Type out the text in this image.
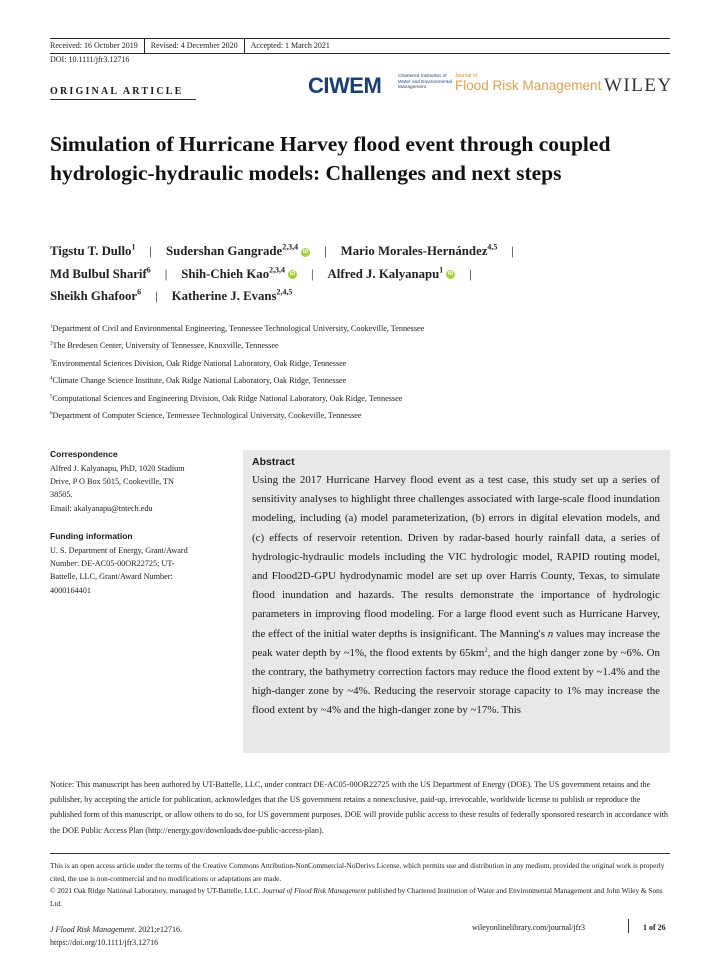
Received: 16 October 2019 Revised: 4 December 2020 Accepted: 1 March 2021
DOI: 10.1111/jfr3.12716
ORIGINAL ARTICLE	CIWEM	Chartered Institution of
Water and Environmental
Management
Journal of
Flood Risk Management WILEY
Simulation of Hurricane Harvey flood event through coupled hydrologic-hydraulic models: Challenges and next steps
Tigstu T. Dullo$^1$ | Sudershan Gangrade$^{2,3,4}$ iD | Mario Morales-Hernández$^{4,5}$ |
Md Bulbul Sharif$^6$ | Shih-Chieh Kao$^{2,3,4}$ iD | Alfred J. Kalyanapu$^1$ iD |
Sheikh Ghafoor$^6$ | Katherine J. Evans$^{2,4,5}$
$^1$Department of Civil and Environmental Engineering, Tennessee Technological University, Cookeville, Tennessee
$^2$The Bredesen Center, University of Tennessee, Knoxville, Tennessee
$^3$Environmental Sciences Division, Oak Ridge National Laboratory, Oak Ridge, Tennessee
$^4$Climate Change Science Institute, Oak Ridge National Laboratory, Oak Ridge, Tennessee
$^5$Computational Sciences and Engineering Division, Oak Ridge National Laboratory, Oak Ridge, Tennessee
$^6$Department of Computer Science, Tennessee Technological University, Cookeville, Tennessee
Correspondence
Alfred J. Kalyanapu, PhD, 1020 Stadium
Drive, P O Box 5015, Cookeville, TN
38505.
Email: akalyanapu@tntech.edu
Funding information
U. S. Department of Energy, Grant/Award
Number: DE-AC05-00OR22725; UT-
Battelle, LLC, Grant/Award Number:
4000164401
Abstract
Using the 2017 Hurricane Harvey flood event as a test case, this study set up a series of sensitivity analyses to highlight three challenges associated with large-scale flood inundation modeling, including (a) model parameterization, (b) errors in digital elevation models, and (c) effects of reservoir retention. Driven by radar-based hourly rainfall data, a series of hydrologic-hydraulic models including the VIC hydrologic model, RAPID routing model, and Flood2D-GPU hydrodynamic model are set up over Harris County, Texas, to simulate flood inundation and hazards. The results demonstrate the importance of hydrologic parameters in improving flood modeling. For a large flood event such as Hurricane Harvey, the effect of the initial water depths is insignificant. The Manning's n values may increase the peak water depth by ~1%, the flood extents by $65km^2$, and the high danger zone by ~6%. On the contrary, the bathymetry correction factors may reduce the flood extent by ~1.4% and the high-danger zone by ~4%. Reducing the reservoir storage capacity to 1% may increase the flood extent by ~4% and the high-danger zone by ~17%. This
Notice: This manuscript has been authored by UT-Battelle, LLC, under contract DE-AC05-00OR22725 with the US Department of Energy (DOE). The US government retains and the publisher, by accepting the article for publication, acknowledges that the US government retains a nonexclusive, paid-up, irrevocable, worldwide license to publish or reproduce the published form of this manuscript, or allow others to do so, for US government purposes. DOE will provide public access to these results of federally sponsored research in accordance with the DOE Public Access Plan (http://energy.gov/downloads/doe-public-access-plan).
This is an open access article under the terms of the Creative Commons Attribution-NonCommercial-NoDerivs License, which permits use and distribution in any medium, provided the original work is properly cited, the use is non-commercial and no modifications or adaptations are made.
© 2021 Oak Ridge National Laboratory, managed by UT-Battelle, LLC. Journal of Flood Risk Management published by Chartered Institution of Water and Environmental Management and John Wiley & Sons Ltd.
J Flood Risk Management. 2021;e12716.
https://doi.org/10.1111/jfr3.12716
wileyonlinelibrary.com/journal/jfr3	1 of 26
